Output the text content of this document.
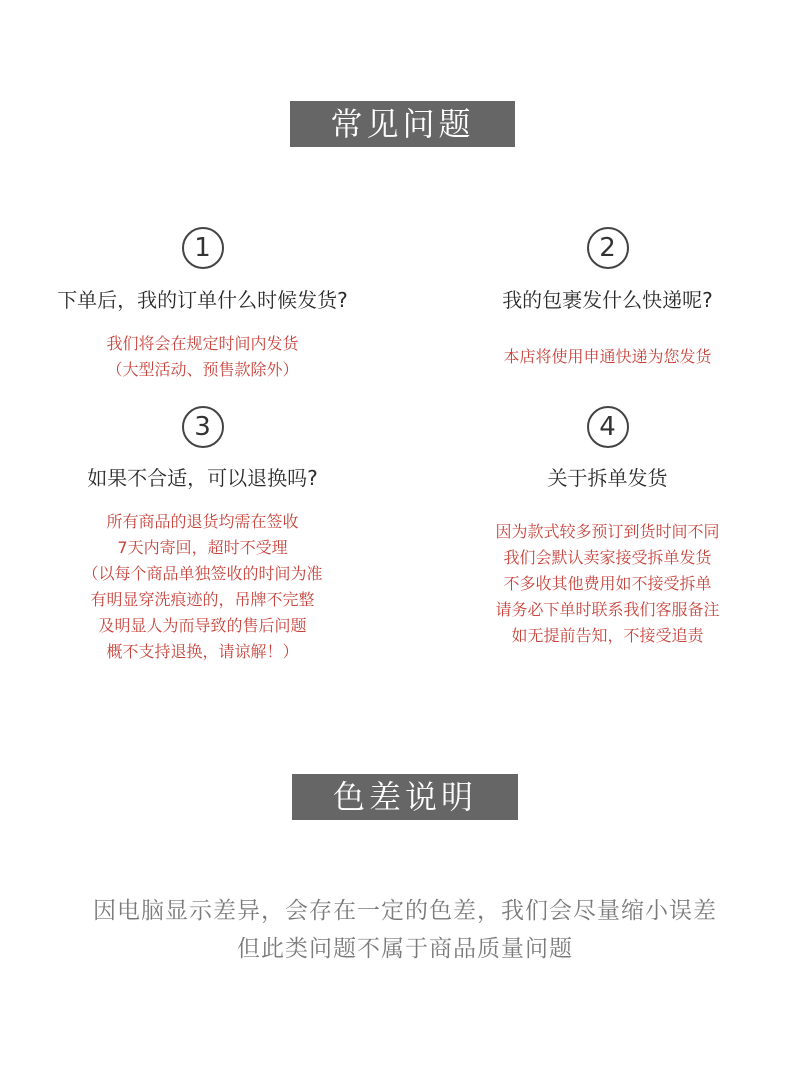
常见问题
1
下单后，我的订单什么时候发货?
我们将会在规定时间内发货
（大型活动、预售款除外）
2
我的包裹发什么快递呢?
本店将使用申通快递为您发货
3
如果不合适，可以退换吗?
所有商品的退货均需在签收
7天内寄回，超时不受理
（以每个商品单独签收的时间为准
有明显穿洗痕迹的，吊牌不完整
及明显人为而导致的售后问题
概不支持退换，请谅解！）
4
关于拆单发货
因为款式较多预订到货时间不同
我们会默认卖家接受拆单发货
不多收其他费用如不接受拆单
请务必下单时联系我们客服备注
如无提前告知，不接受追责
色差说明
因电脑显示差异，会存在一定的色差，我们会尽量缩小误差
但此类问题不属于商品质量问题
